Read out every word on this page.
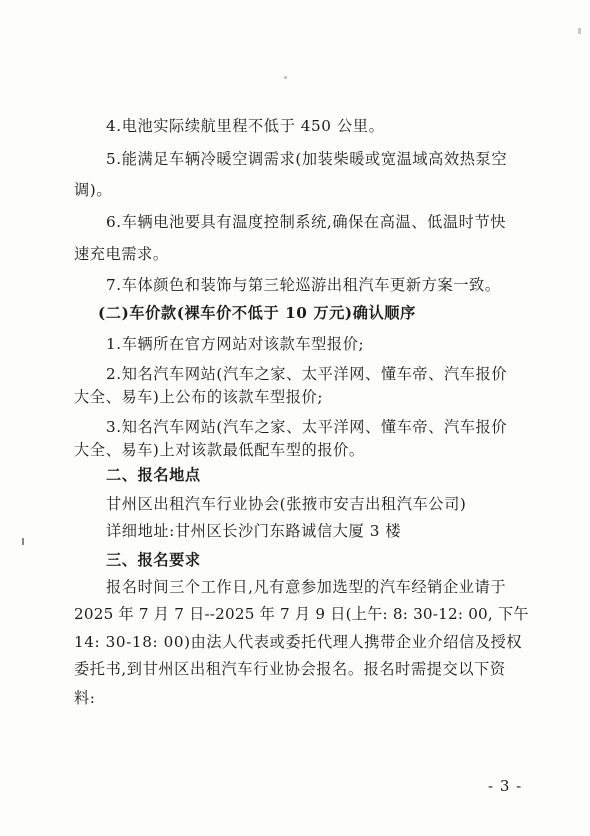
4.电池实际续航里程不低于 450 公里。
5.能满足车辆冷暖空调需求(加装柴暖或宽温域高效热泵空
调)。
6.车辆电池要具有温度控制系统,确保在高温、低温时节快
速充电需求。
7.车体颜色和装饰与第三轮巡游出租汽车更新方案一致。
(二)车价款(裸车价不低于 10 万元)确认顺序
1.车辆所在官方网站对该款车型报价;
2.知名汽车网站(汽车之家、太平洋网、懂车帝、汽车报价
大全、易车)上公布的该款车型报价;
3.知名汽车网站(汽车之家、太平洋网、懂车帝、汽车报价
大全、易车)上对该款最低配车型的报价。
二、报名地点
甘州区出租汽车行业协会(张掖市安吉出租汽车公司)
详细地址:甘州区长沙门东路诚信大厦 3 楼
三、报名要求
报名时间三个工作日,凡有意参加选型的汽车经销企业请于
2025 年 7 月 7 日--2025 年 7 月 9 日(上午: 8: 30-12: 00, 下午
14: 30-18: 00)由法人代表或委托代理人携带企业介绍信及授权
委托书,到甘州区出租汽车行业协会报名。报名时需提交以下资
料:
- 3 -
